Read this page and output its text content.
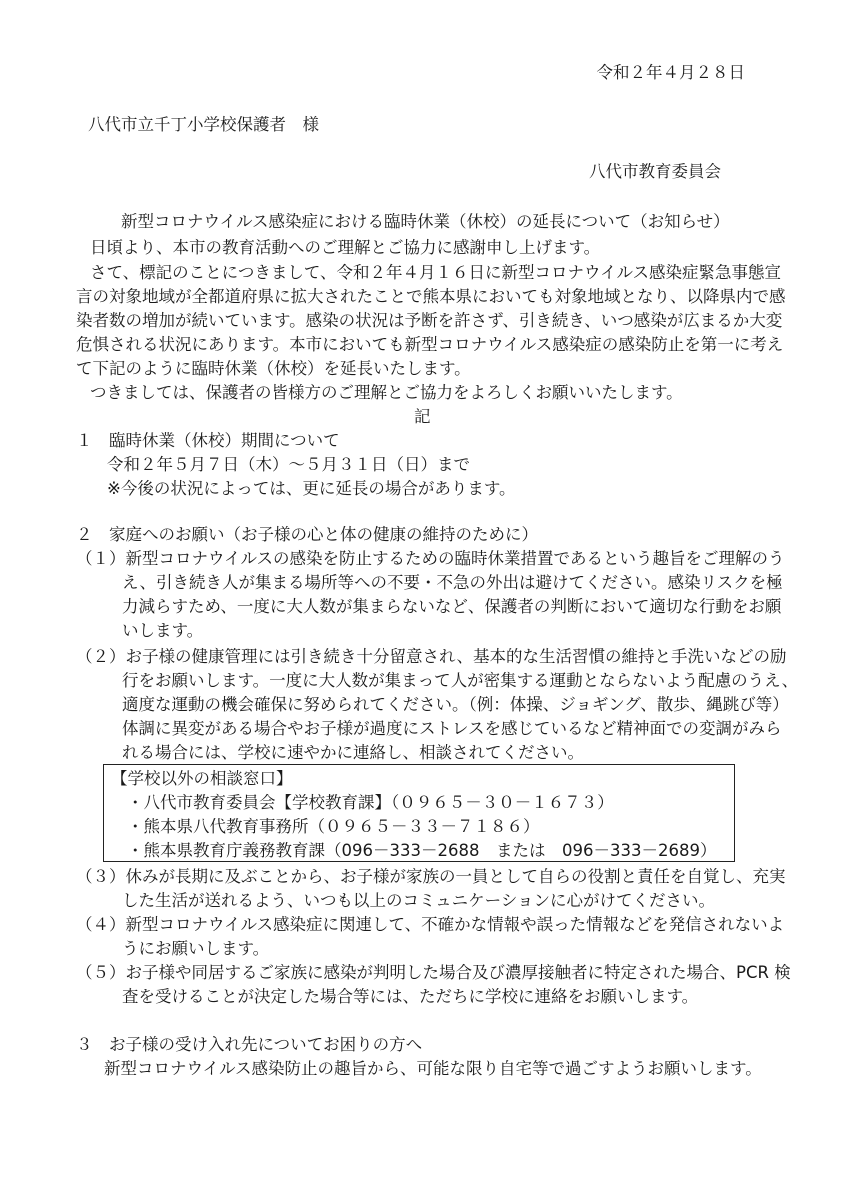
令和２年４月２８日
八代市立千丁小学校保護者　様
八代市教育委員会
新型コロナウイルス感染症における臨時休業（休校）の延長について（お知らせ）
日頃より、本市の教育活動へのご理解とご協力に感謝申し上げます。
さて、標記のことにつきまして、令和２年４月１６日に新型コロナウイルス感染症緊急事態宣
言の対象地域が全都道府県に拡大されたことで熊本県においても対象地域となり、以降県内で感
染者数の増加が続いています。感染の状況は予断を許さず、引き続き、いつ感染が広まるか大変
危惧される状況にあります。本市においても新型コロナウイルス感染症の感染防止を第一に考え
て下記のように臨時休業（休校）を延長いたします。
つきましては、保護者の皆様方のご理解とご協力をよろしくお願いいたします。
記
１　臨時休業（休校）期間について
令和２年５月７日（木）～５月３１日（日）まで
※今後の状況によっては、更に延長の場合があります。
２　家庭へのお願い（お子様の心と体の健康の維持のために）
（１）新型コロナウイルスの感染を防止するための臨時休業措置であるという趣旨をご理解のう
え、引き続き人が集まる場所等への不要・不急の外出は避けてください。感染リスクを極
力減らすため、一度に大人数が集まらないなど、保護者の判断において適切な行動をお願
いします。
（２）お子様の健康管理には引き続き十分留意され、基本的な生活習慣の維持と手洗いなどの励
行をお願いします。一度に大人数が集まって人が密集する運動とならないよう配慮のうえ、
適度な運動の機会確保に努められてください。（例：体操、ジョギング、散歩、縄跳び等）
体調に異変がある場合やお子様が過度にストレスを感じているなど精神面での変調がみら
れる場合には、学校に速やかに連絡し、相談されてください。
【学校以外の相談窓口】
・八代市教育委員会【学校教育課】（０９６５－３０－１６７３）
・熊本県八代教育事務所（０９６５－３３－７１８６）
・熊本県教育庁義務教育課（096－333－2688　または　096－333－2689）
（３）休みが長期に及ぶことから、お子様が家族の一員として自らの役割と責任を自覚し、充実
した生活が送れるよう、いつも以上のコミュニケーションに心がけてください。
（４）新型コロナウイルス感染症に関連して、不確かな情報や誤った情報などを発信されないよ
うにお願いします。
（５）お子様や同居するご家族に感染が判明した場合及び濃厚接触者に特定された場合、PCR 検
査を受けることが決定した場合等には、ただちに学校に連絡をお願いします。
３　お子様の受け入れ先についてお困りの方へ
新型コロナウイルス感染防止の趣旨から、可能な限り自宅等で過ごすようお願いします。
